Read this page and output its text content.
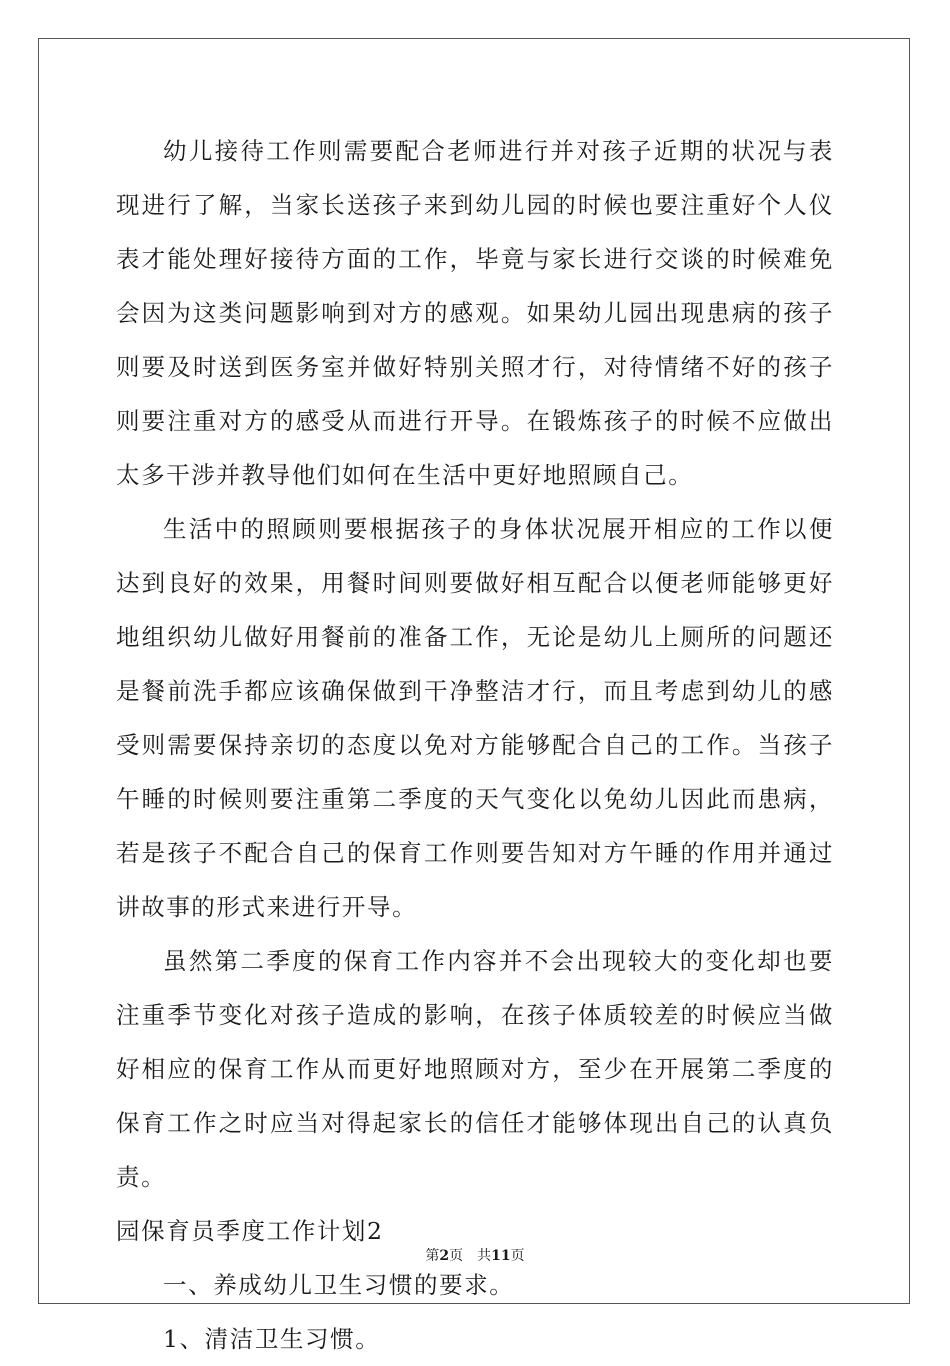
幼儿接待工作则需要配合老师进行并对孩子近期的状况与表现进行了解，当家长送孩子来到幼儿园的时候也要注重好个人仪表才能处理好接待方面的工作，毕竟与家长进行交谈的时候难免会因为这类问题影响到对方的感观。如果幼儿园出现患病的孩子则要及时送到医务室并做好特别关照才行，对待情绪不好的孩子则要注重对方的感受从而进行开导。在锻炼孩子的时候不应做出太多干涉并教导他们如何在生活中更好地照顾自己。

生活中的照顾则要根据孩子的身体状况展开相应的工作以便达到良好的效果，用餐时间则要做好相互配合以便老师能够更好地组织幼儿做好用餐前的准备工作，无论是幼儿上厕所的问题还是餐前洗手都应该确保做到干净整洁才行，而且考虑到幼儿的感受则需要保持亲切的态度以免对方能够配合自己的工作。当孩子午睡的时候则要注重第二季度的天气变化以免幼儿因此而患病，若是孩子不配合自己的保育工作则要告知对方午睡的作用并通过讲故事的形式来进行开导。

虽然第二季度的保育工作内容并不会出现较大的变化却也要注重季节变化对孩子造成的影响，在孩子体质较差的时候应当做好相应的保育工作从而更好地照顾对方，至少在开展第二季度的保育工作之时应当对得起家长的信任才能够体现出自己的认真负责。

园保育员季度工作计划2

一、养成幼儿卫生习惯的要求。

1、清洁卫生习惯。

第2页　共11页
